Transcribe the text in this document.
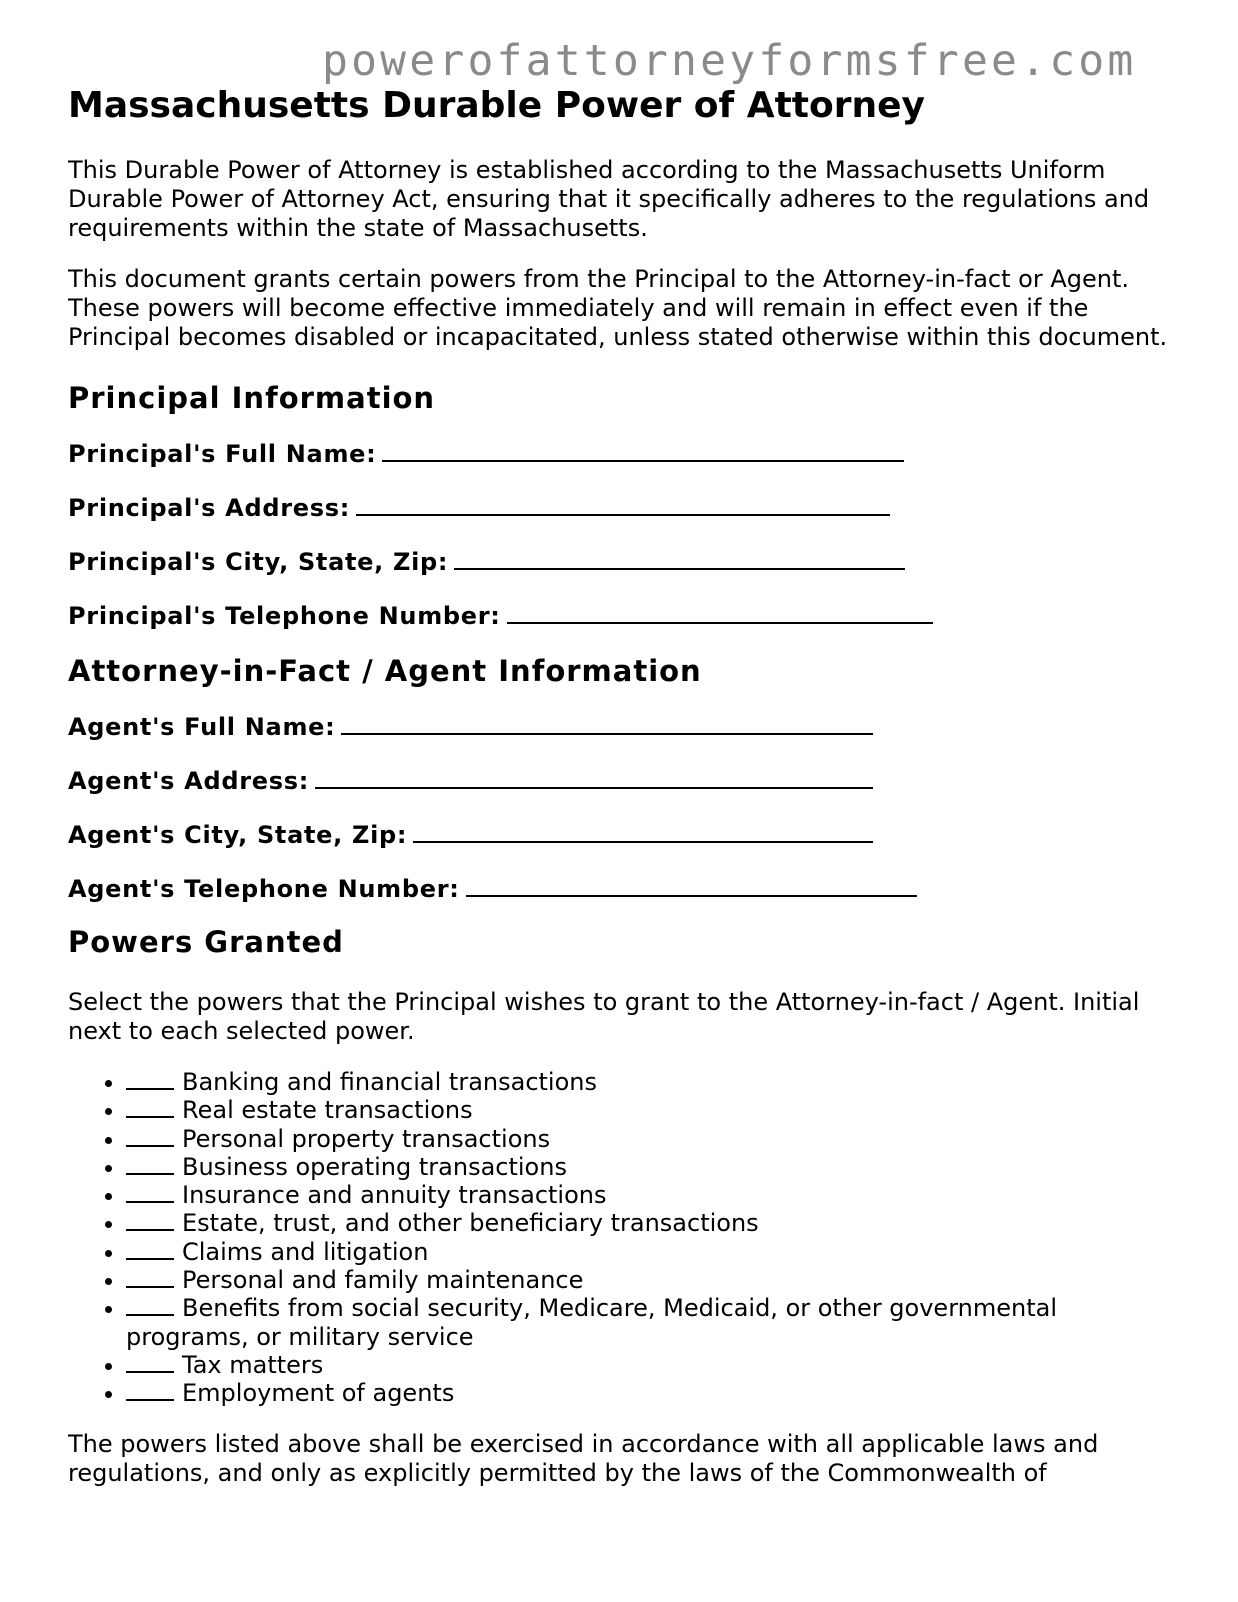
powerofattorneyformsfree.com
Massachusetts Durable Power of Attorney

This Durable Power of Attorney is established according to the Massachusetts Uniform Durable Power of Attorney Act, ensuring that it specifically adheres to the regulations and requirements within the state of Massachusetts.

This document grants certain powers from the Principal to the Attorney-in-fact or Agent. These powers will become effective immediately and will remain in effect even if the Principal becomes disabled or incapacitated, unless stated otherwise within this document.

Principal Information
Principal's Full Name:
Principal's Address:
Principal's City, State, Zip:
Principal's Telephone Number:
Attorney-in-Fact / Agent Information
Agent's Full Name:
Agent's Address:
Agent's City, State, Zip:
Agent's Telephone Number:
Powers Granted

Select the powers that the Principal wishes to grant to the Attorney-in-fact / Agent. Initial next to each selected power.

• Banking and financial transactions
• Real estate transactions
• Personal property transactions
• Business operating transactions
• Insurance and annuity transactions
• Estate, trust, and other beneficiary transactions
• Claims and litigation
• Personal and family maintenance
• Benefits from social security, Medicare, Medicaid, or other governmental programs, or military service
• Tax matters
• Employment of agents

The powers listed above shall be exercised in accordance with all applicable laws and regulations, and only as explicitly permitted by the laws of the Commonwealth of
